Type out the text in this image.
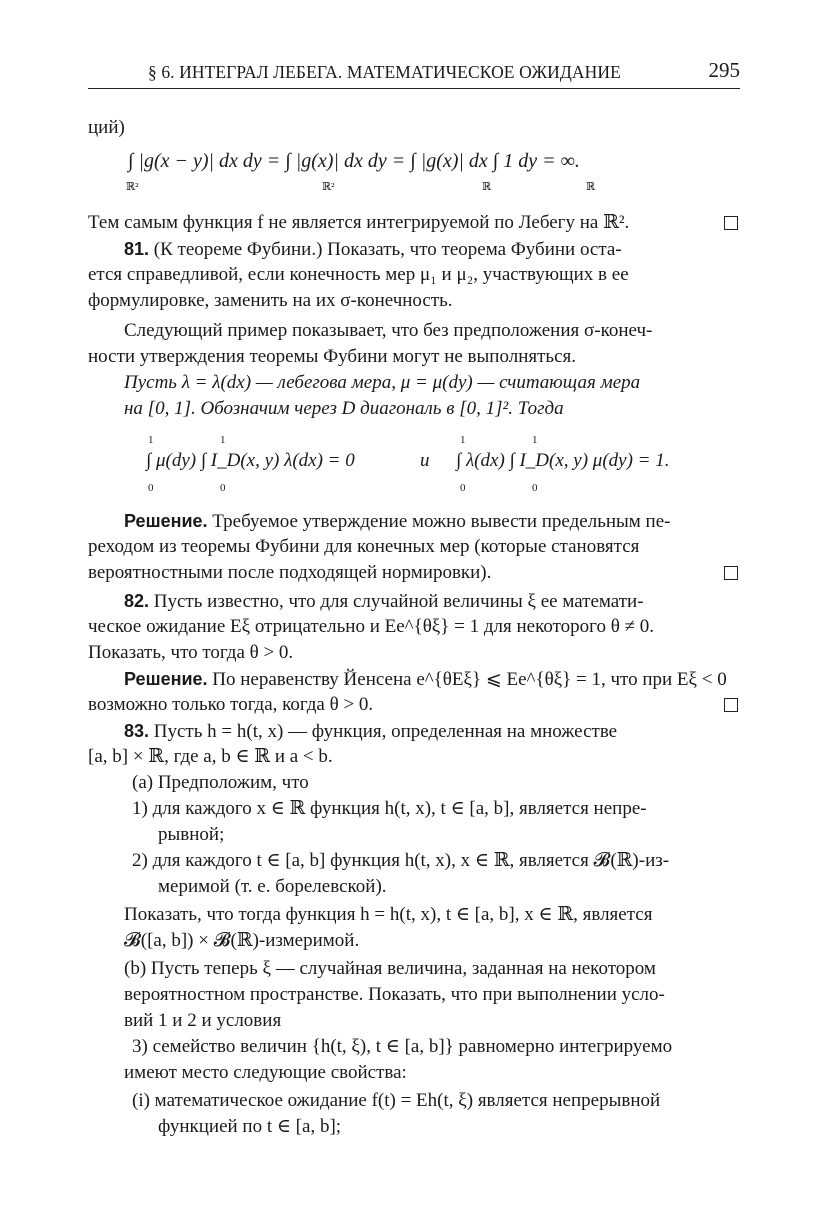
§ 6. ИНТЕГРАЛ ЛЕБЕГА. МАТЕМАТИЧЕСКОЕ ОЖИДАНИЕ	295
ций)
∫ |g(x − y)| dx dy = ∫ |g(x)| dx dy = ∫ |g(x)| dx ∫ 1 dy = ∞.
ℝ²	ℝ²	ℝ	ℝ
Тем самым функция f не является интегрируемой по Лебегу на ℝ².
81. (К теореме Фубини.) Показать, что теорема Фубини оста-
ется справедливой, если конечность мер μ₁ и μ₂, участвующих в ее
формулировке, заменить на их σ-конечность.
Следующий пример показывает, что без предположения σ-конеч-
ности утверждения теоремы Фубини могут не выполняться.
Пусть λ = λ(dx) — лебегова мера, μ = μ(dy) — считающая мера
на [0, 1]. Обозначим через D диагональ в [0, 1]². Тогда
∫ μ(dy) ∫ I_D(x, y) λ(dx) = 0	и ∫ λ(dx) ∫ I_D(x, y) μ(dy) = 1.
1
0
1
0
1
0
1
0
Решение. Требуемое утверждение можно вывести предельным пе-
реходом из теоремы Фубини для конечных мер (которые становятся
вероятностными после подходящей нормировки).
82. Пусть известно, что для случайной величины ξ ее математи-
ческое ожидание Eξ отрицательно и Ee^{θξ} = 1 для некоторого θ ≠ 0.
Показать, что тогда θ > 0.
Решение. По неравенству Йенсена e^{θEξ} ⩽ Ee^{θξ} = 1, что при Eξ < 0
возможно только тогда, когда θ > 0.
83. Пусть h = h(t, x) — функция, определенная на множестве
[a, b] × ℝ, где a, b ∈ ℝ и a < b.
(a) Предположим, что
1) для каждого x ∈ ℝ функция h(t, x), t ∈ [a, b], является непре-
рывной;
2) для каждого t ∈ [a, b] функция h(t, x), x ∈ ℝ, является 𝓑(ℝ)-из-
меримой (т. е. борелевской).
Показать, что тогда функция h = h(t, x), t ∈ [a, b], x ∈ ℝ, является
𝓑([a, b]) × 𝓑(ℝ)-измеримой.
(b) Пусть теперь ξ — случайная величина, заданная на некотором
вероятностном пространстве. Показать, что при выполнении усло-
вий 1 и 2 и условия
3) семейство величин {h(t, ξ), t ∈ [a, b]} равномерно интегрируемо
имеют место следующие свойства:
(i) математическое ожидание f(t) = Eh(t, ξ) является непрерывной
функцией по t ∈ [a, b];
